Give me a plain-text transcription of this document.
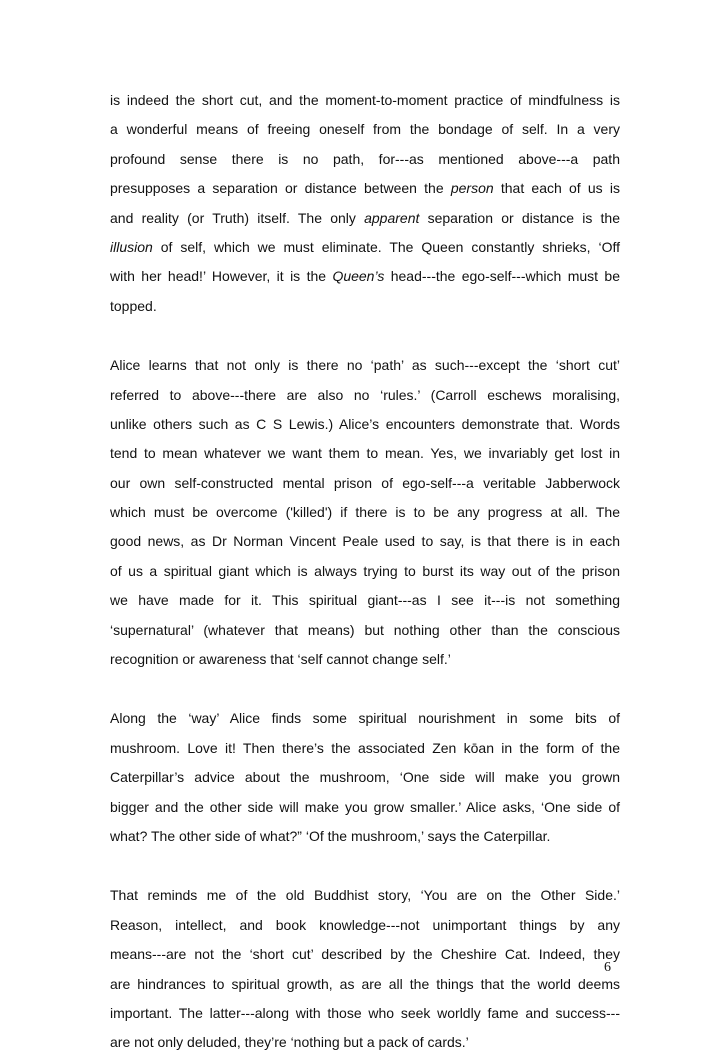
is indeed the short cut, and the moment-to-moment practice of mindfulness is
a wonderful means of freeing oneself from the bondage of self. In a very
profound sense there is no path, for---as mentioned above---a path
presupposes a separation or distance between the person that each of us is
and reality (or Truth) itself. The only apparent separation or distance is the
illusion of self, which we must eliminate. The Queen constantly shrieks, ‘Off
with her head!’ However, it is the Queen’s head---the ego-self---which must be
topped.
Alice learns that not only is there no ‘path’ as such---except the ‘short cut’
referred to above---there are also no ‘rules.’ (Carroll eschews moralising,
unlike others such as C S Lewis.) Alice’s encounters demonstrate that. Words
tend to mean whatever we want them to mean. Yes, we invariably get lost in
our own self-constructed mental prison of ego-self---a veritable Jabberwock
which must be overcome ('killed') if there is to be any progress at all. The
good news, as Dr Norman Vincent Peale used to say, is that there is in each
of us a spiritual giant which is always trying to burst its way out of the prison
we have made for it. This spiritual giant---as I see it---is not something
‘supernatural’ (whatever that means) but nothing other than the conscious
recognition or awareness that ‘self cannot change self.’
Along the ‘way’ Alice finds some spiritual nourishment in some bits of
mushroom. Love it! Then there’s the associated Zen kōan in the form of the
Caterpillar’s advice about the mushroom, ‘One side will make you grown
bigger and the other side will make you grow smaller.’ Alice asks, ‘One side of
what? The other side of what?” ‘Of the mushroom,’ says the Caterpillar.
That reminds me of the old Buddhist story, ‘You are on the Other Side.’
Reason, intellect, and book knowledge---not unimportant things by any
means---are not the ‘short cut’ described by the Cheshire Cat. Indeed, they
are hindrances to spiritual growth, as are all the things that the world deems
important. The latter---along with those who seek worldly fame and success---
are not only deluded, they’re ‘nothing but a pack of cards.’
6
